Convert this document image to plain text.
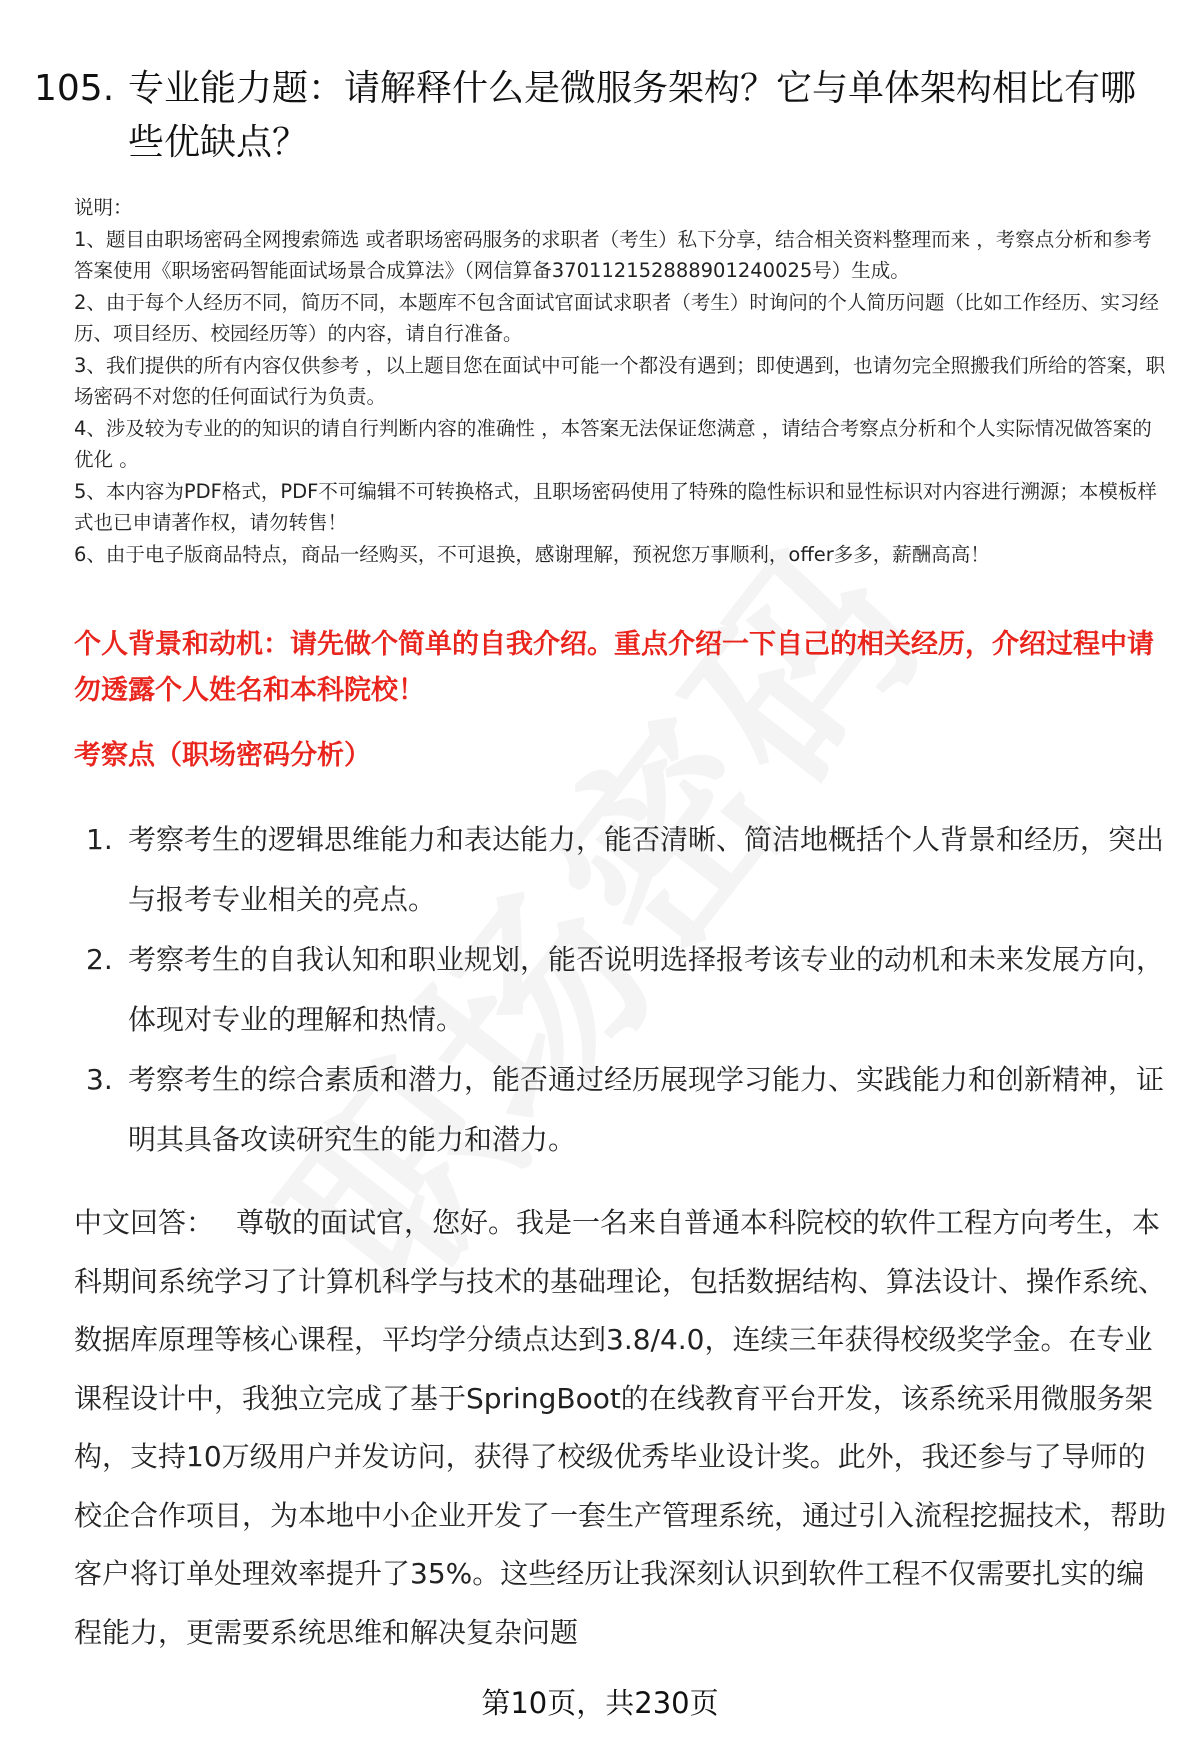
105. 专业能力题：请解释什么是微服务架构？它与单体架构相比有哪些优缺点？

说明：

1、题目由职场密码全网搜索筛选 或者职场密码服务的求职者（考生）私下分享，结合相关资料整理而来 ，考察点分析和参考答案使用《职场密码智能面试场景合成算法》（网信算备370112152888901240025号）生成。

2、由于每个人经历不同，简历不同，本题库不包含面试官面试求职者（考生）时询问的个人简历问题（比如工作经历、实习经历、项目经历、校园经历等）的内容，请自行准备。

3、我们提供的所有内容仅供参考 ，以上题目您在面试中可能一个都没有遇到；即使遇到，也请勿完全照搬我们所给的答案，职场密码不对您的任何面试行为负责。

4、涉及较为专业的的知识的请自行判断内容的准确性 ，本答案无法保证您满意 ，请结合考察点分析和个人实际情况做答案的优化 。

5、本内容为PDF格式，PDF不可编辑不可转换格式，且职场密码使用了特殊的隐性标识和显性标识对内容进行溯源；本模板样式也已申请著作权，请勿转售！

6、由于电子版商品特点，商品一经购买，不可退换，感谢理解，预祝您万事顺利，offer多多，薪酬高高！

个人背景和动机：请先做个简单的自我介绍。重点介绍一下自己的相关经历，介绍过程中请勿透露个人姓名和本科院校！
考察点（职场密码分析）
1. 考察考生的逻辑思维能力和表达能力，能否清晰、简洁地概括个人背景和经历，突出与报考专业相关的亮点。
2. 考察考生的自我认知和职业规划，能否说明选择报考该专业的动机和未来发展方向，体现对专业的理解和热情。
3. 考察考生的综合素质和潜力，能否通过经历展现学习能力、实践能力和创新精神，证明其具备攻读研究生的能力和潜力。
中文回答： 尊敬的面试官，您好。我是一名来自普通本科院校的软件工程方向考生，本科期间系统学习了计算机科学与技术的基础理论，包括数据结构、算法设计、操作系统、数据库原理等核心课程，平均学分绩点达到3.8/4.0，连续三年获得校级奖学金。在专业课程设计中，我独立完成了基于SpringBoot的在线教育平台开发，该系统采用微服务架构，支持10万级用户并发访问，获得了校级优秀毕业设计奖。此外，我还参与了导师的校企合作项目，为本地中小企业开发了一套生产管理系统，通过引入流程挖掘技术，帮助客户将订单处理效率提升了35%。这些经历让我深刻认识到软件工程不仅需要扎实的编程能力，更需要系统思维和解决复杂问题
第10页，共230页
